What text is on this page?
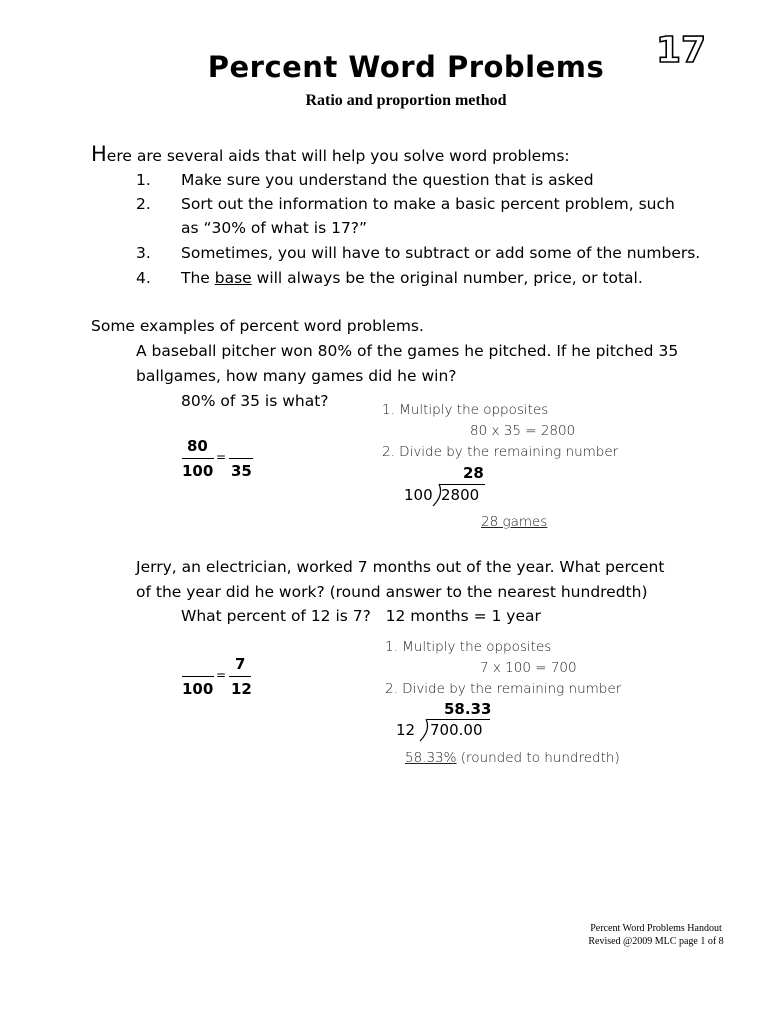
Percent Word Problems	17
Ratio and proportion method
Here are several aids that will help you solve word problems:
1. Make sure you understand the question that is asked
2. Sort out the information to make a basic percent problem, such
as “30% of what is 17?”
3. Sometimes, you will have to subtract or add some of the numbers.
4. The base will always be the original number, price, or total.
Some examples of percent word problems.
A baseball pitcher won 80% of the games he pitched. If he pitched 35
ballgames, how many games did he win?
80% of 35 is what?
80
100
=
35
1. Multiply the opposites
80 x 35 = 2800
2. Divide by the remaining number
28
100 2800
28 games
Jerry, an electrician, worked 7 months out of the year. What percent
of the year did he work? (round answer to the nearest hundredth)
What percent of 12 is 7?   12 months = 1 year
100
=
7
12
1. Multiply the opposites
7 x 100 = 700
2. Divide by the remaining number
58.33
12 700.00
58.33% (rounded to hundredth)
Percent Word Problems Handout
Revised @2009 MLC page 1 of 8
